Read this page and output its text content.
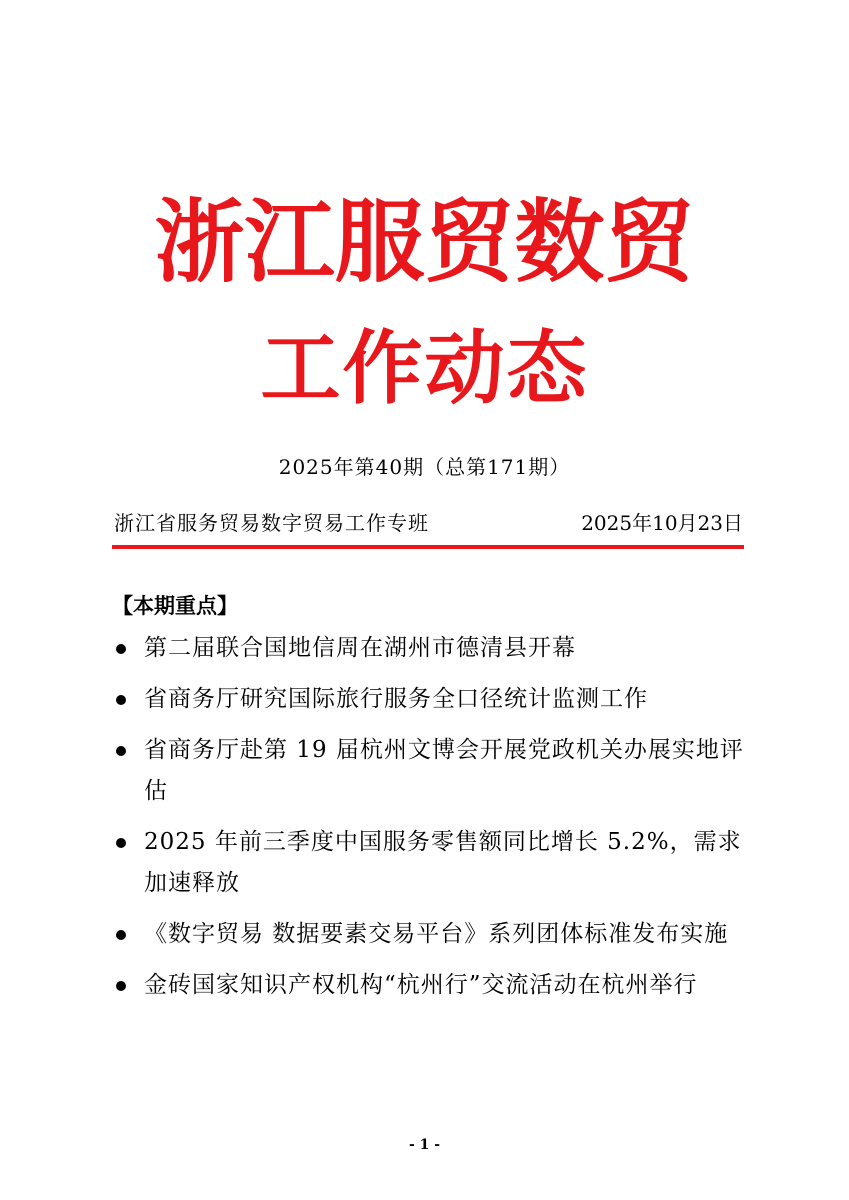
浙江服贸数贸
工作动态
2025年第40期（总第171期）
浙江省服务贸易数字贸易工作专班	2025年10月23日
【本期重点】
第二届联合国地信周在湖州市德清县开幕
省商务厅研究国际旅行服务全口径统计监测工作
省商务厅赴第 19 届杭州文博会开展党政机关办展实地评估
2025 年前三季度中国服务零售额同比增长 5.2%，需求加速释放
《数字贸易 数据要素交易平台》系列团体标准发布实施
金砖国家知识产权机构“杭州行”交流活动在杭州举行
- 1 -
